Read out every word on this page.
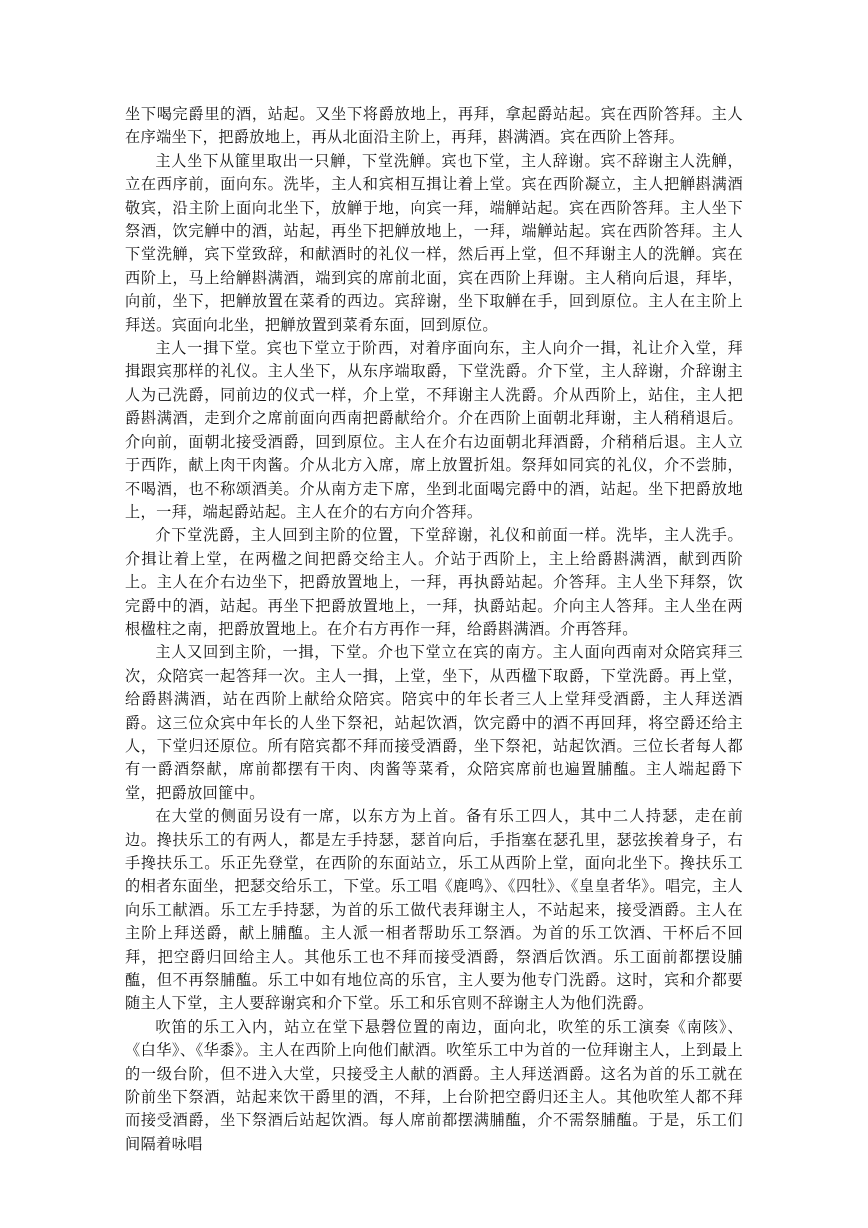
坐下喝完爵里的酒，站起。又坐下将爵放地上，再拜，拿起爵站起。宾在西阶答拜。主人在序端坐下，把爵放地上，再从北面沿主阶上，再拜，斟满酒。宾在西阶上答拜。

主人坐下从篚里取出一只觯，下堂洗觯。宾也下堂，主人辞谢。宾不辞谢主人洗觯，立在西序前，面向东。洗毕，主人和宾相互揖让着上堂。宾在西阶凝立，主人把觯斟满酒敬宾，沿主阶上面向北坐下，放觯于地，向宾一拜，端觯站起。宾在西阶答拜。主人坐下祭酒，饮完觯中的酒，站起，再坐下把觯放地上，一拜，端觯站起。宾在西阶答拜。主人下堂洗觯，宾下堂致辞，和献酒时的礼仪一样，然后再上堂，但不拜谢主人的洗觯。宾在西阶上，马上给觯斟满酒，端到宾的席前北面，宾在西阶上拜谢。主人稍向后退，拜毕，向前，坐下，把觯放置在菜肴的西边。宾辞谢，坐下取觯在手，回到原位。主人在主阶上拜送。宾面向北坐，把觯放置到菜肴东面，回到原位。

主人一揖下堂。宾也下堂立于阶西，对着序面向东，主人向介一揖，礼让介入堂，拜揖跟宾那样的礼仪。主人坐下，从东序端取爵，下堂洗爵。介下堂，主人辞谢，介辞谢主人为己洗爵，同前边的仪式一样，介上堂，不拜谢主人洗爵。介从西阶上，站住，主人把爵斟满酒，走到介之席前面向西南把爵献给介。介在西阶上面朝北拜谢，主人稍稍退后。介向前，面朝北接受酒爵，回到原位。主人在介右边面朝北拜酒爵，介稍稍后退。主人立于西阼，献上肉干肉酱。介从北方入席，席上放置折俎。祭拜如同宾的礼仪，介不尝肺，不喝酒，也不称颂酒美。介从南方走下席，坐到北面喝完爵中的酒，站起。坐下把爵放地上，一拜，端起爵站起。主人在介的右方向介答拜。

介下堂洗爵，主人回到主阶的位置，下堂辞谢，礼仪和前面一样。洗毕，主人洗手。介揖让着上堂，在两楹之间把爵交给主人。介站于西阶上，主上给爵斟满酒，献到西阶上。主人在介右边坐下，把爵放置地上，一拜，再执爵站起。介答拜。主人坐下拜祭，饮完爵中的酒，站起。再坐下把爵放置地上，一拜，执爵站起。介向主人答拜。主人坐在两根楹柱之南，把爵放置地上。在介右方再作一拜，给爵斟满酒。介再答拜。

主人又回到主阶，一揖，下堂。介也下堂立在宾的南方。主人面向西南对众陪宾拜三次，众陪宾一起答拜一次。主人一揖，上堂，坐下，从西楹下取爵，下堂洗爵。再上堂，给爵斟满酒，站在西阶上献给众陪宾。陪宾中的年长者三人上堂拜受酒爵，主人拜送酒爵。这三位众宾中年长的人坐下祭祀，站起饮酒，饮完爵中的酒不再回拜，将空爵还给主人，下堂归还原位。所有陪宾都不拜而接受酒爵，坐下祭祀，站起饮酒。三位长者每人都有一爵酒祭献，席前都摆有干肉、肉酱等菜肴，众陪宾席前也遍置脯醢。主人端起爵下堂，把爵放回篚中。

在大堂的侧面另设有一席，以东方为上首。备有乐工四人，其中二人持瑟，走在前边。搀扶乐工的有两人，都是左手持瑟，瑟首向后，手指塞在瑟孔里，瑟弦挨着身子，右手搀扶乐工。乐正先登堂，在西阶的东面站立，乐工从西阶上堂，面向北坐下。搀扶乐工的相者东面坐，把瑟交给乐工，下堂。乐工唱《鹿鸣》、《四牡》、《皇皇者华》。唱完，主人向乐工献酒。乐工左手持瑟，为首的乐工做代表拜谢主人，不站起来，接受酒爵。主人在主阶上拜送爵，献上脯醢。主人派一相者帮助乐工祭酒。为首的乐工饮酒、干杯后不回拜，把空爵归回给主人。其他乐工也不拜而接受酒爵，祭酒后饮酒。乐工面前都摆设脯醢，但不再祭脯醢。乐工中如有地位高的乐官，主人要为他专门洗爵。这时，宾和介都要随主人下堂，主人要辞谢宾和介下堂。乐工和乐官则不辞谢主人为他们洗爵。

吹笛的乐工入内，站立在堂下悬磬位置的南边，面向北，吹笙的乐工演奏《南陔》、《白华》、《华黍》。主人在西阶上向他们献酒。吹笙乐工中为首的一位拜谢主人，上到最上的一级台阶，但不进入大堂，只接受主人献的酒爵。主人拜送酒爵。这名为首的乐工就在阶前坐下祭酒，站起来饮干爵里的酒，不拜，上台阶把空爵归还主人。其他吹笙人都不拜而接受酒爵，坐下祭酒后站起饮酒。每人席前都摆满脯醢，介不需祭脯醢。于是，乐工们间隔着咏唱
